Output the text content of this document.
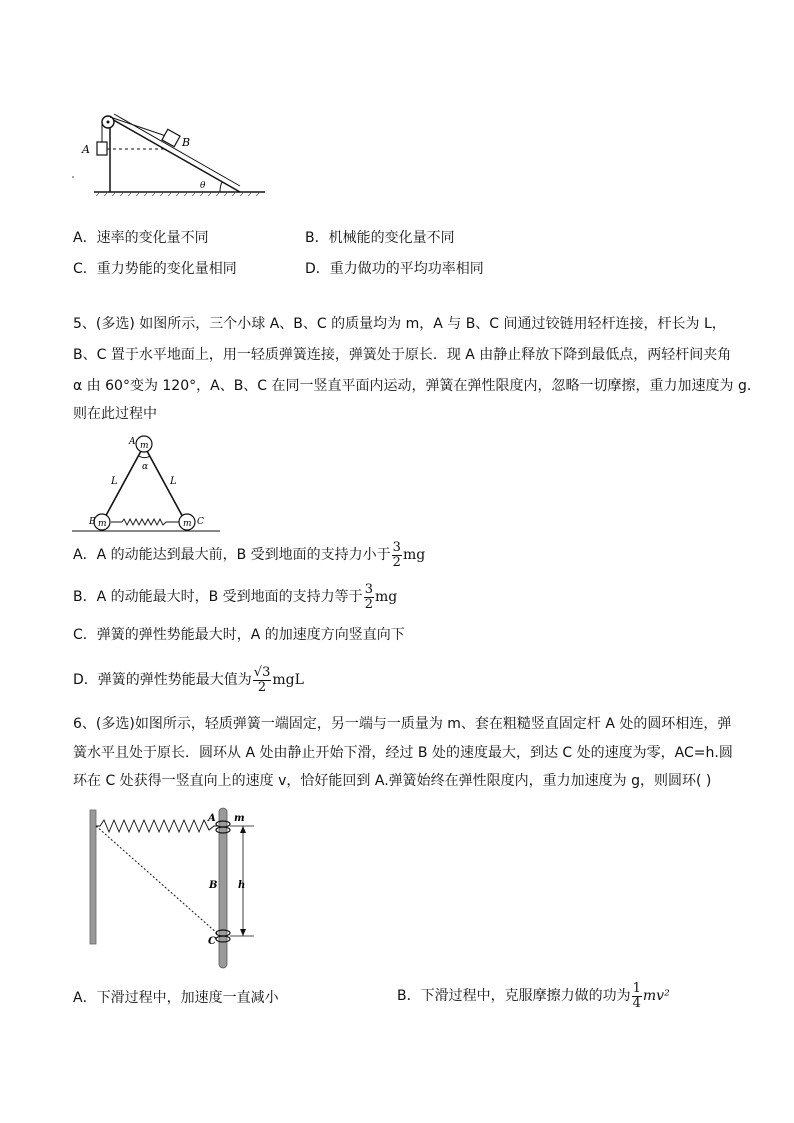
A
B
θ
A．速率的变化量不同	B．机械能的变化量不同
C．重力势能的变化量相同	D．重力做功的平均功率相同
5、(多选) 如图所示，三个小球 A、B、C 的质量均为 m，A 与 B、C 间通过铰链用轻杆连接，杆长为 L，
B、C 置于水平地面上，用一轻质弹簧连接，弹簧处于原长．现 A 由静止释放下降到最低点，两轻杆间夹角
α 由 60°变为 120°，A、B、C 在同一竖直平面内运动，弹簧在弹性限度内，忽略一切摩擦，重力加速度为 g．
则在此过程中
m
m	m
A
B	C
L	L
α
A．A 的动能达到最大前，B 受到地面的支持力小于 $\frac{3}{2}$ mg
B．A 的动能最大时，B 受到地面的支持力等于 $\frac{3}{2}$ mg
C．弹簧的弹性势能最大时，A 的加速度方向竖直向下
D．弹簧的弹性势能最大值为 $\frac{√3}{2}$ mgL
6、(多选)如图所示，轻质弹簧一端固定，另一端与一质量为 m、套在粗糙竖直固定杆 A 处的圆环相连，弹
簧水平且处于原长．圆环从 A 处由静止开始下滑，经过 B 处的速度最大，到达 C 处的速度为零，AC=h.圆
环在 C 处获得一竖直向上的速度 v，恰好能回到 A.弹簧始终在弹性限度内，重力加速度为 g，则圆环( )
A m
B h
C
A．下滑过程中，加速度一直减小	B．下滑过程中，克服摩擦力做的功为 $\frac{1}{4} mv^2$
